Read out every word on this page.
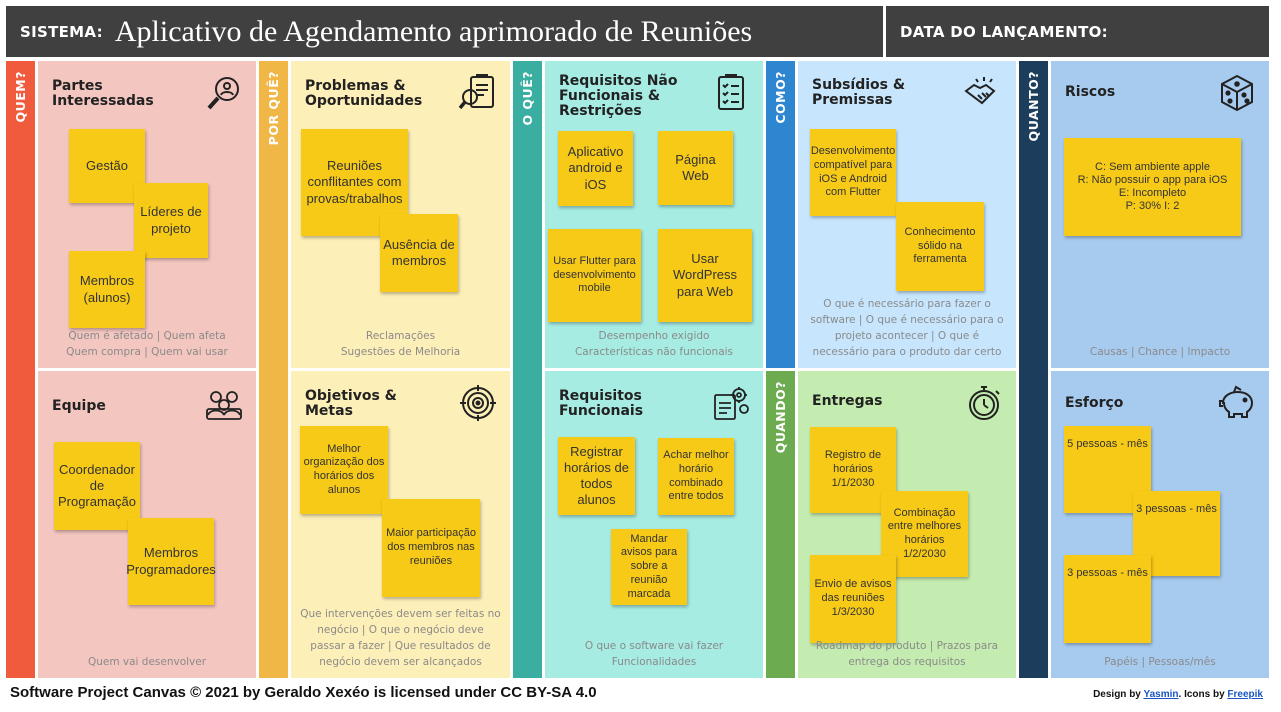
SISTEMA: Aplicativo de Agendamento aprimorado de Reuniões	DATA DO LANÇAMENTO:
QUEM?	POR QUÊ?	O QUÊ?	COMO?
QUANDO?
QUANTO?
Partes Interessadas
Gestão
Líderes de projeto
Membros (alunos)
Quem é afetado | Quem afeta
Quem compra | Quem vai usar
Equipe
Coordenador de Programação
Membros Programadores
Quem vai desenvolver
Problemas & Oportunidades
Reuniões conflitantes com provas/trabalhos
Ausência de membros
Reclamações
Sugestões de Melhoria
Objetivos & Metas
Melhor organização dos horários dos alunos
Maior participação dos membros nas reuniões
Que intervenções devem ser feitas no
negócio | O que o negócio deve
passar a fazer | Que resultados de
negócio devem ser alcançados
Requisitos Não Funcionais & Restrições
Aplicativo android e iOS
Página Web
Usar Flutter para desenvolvimento mobile
Usar WordPress para Web
Desempenho exigido
Características não funcionais
Requisitos Funcionais
Registrar horários de todos alunos
Achar melhor horário combinado entre todos
Mandar avisos para sobre a reunião marcada
O que o software vai fazer
Funcionalidades
Subsídios & Premissas
Desenvolvimento compatível para iOS e Android com Flutter
Conhecimento sólido na ferramenta
O que é necessário para fazer o
software | O que é necessário para o
projeto acontecer | O que é
necessário para o produto dar certo
Entregas
Registro de horários 1/1/2030
Combinação entre melhores horários 1/2/2030
Envio de avisos das reuniões 1/3/2030
Roadmap do produto | Prazos para
entrega dos requisitos
Riscos
C: Sem ambiente apple
R: Não possuir o app para iOS
E: Incompleto
P: 30% I: 2
Causas | Chance | Impacto
Esforço
5 pessoas - mês
3 pessoas - mês
3 pessoas - mês
Papéis | Pessoas/mês
Software Project Canvas © 2021 by Geraldo Xexéo is licensed under CC BY-SA 4.0	Design by Yasmin. Icons by Freepik
